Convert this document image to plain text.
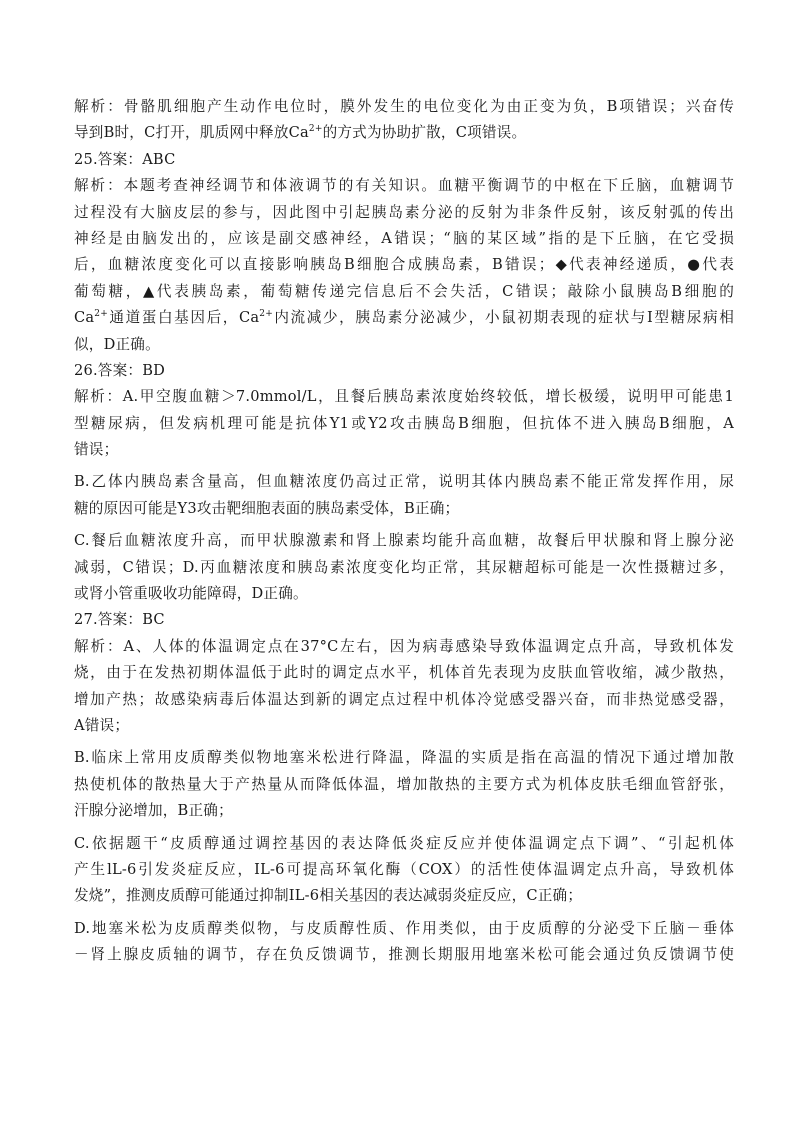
解析：骨骼肌细胞产生动作电位时，膜外发生的电位变化为由正变为负，B项错误；兴奋传
导到B时，C打开，肌质网中释放$Ca^{2+}$的方式为协助扩散，C项错误。
25.答案：ABC
解析：本题考查神经调节和体液调节的有关知识。血糖平衡调节的中枢在下丘脑，血糖调节
过程没有大脑皮层的参与，因此图中引起胰岛素分泌的反射为非条件反射，该反射弧的传出
神经是由脑发出的，应该是副交感神经，A错误；“脑的某区域”指的是下丘脑，在它受损
后，血糖浓度变化可以直接影响胰岛B细胞合成胰岛素，B错误；◆代表神经递质，●代表
葡萄糖，▲代表胰岛素，葡萄糖传递完信息后不会失活，C错误；敲除小鼠胰岛B细胞的
$Ca^{2+}$通道蛋白基因后，$Ca^{2+}$内流减少，胰岛素分泌减少，小鼠初期表现的症状与Ⅰ型糖尿病相
似，D正确。
26.答案：BD
解析：A.甲空腹血糖＞7.0mmol/L，且餐后胰岛素浓度始终较低，增长极缓，说明甲可能患1
型糖尿病，但发病机理可能是抗体Y1或Y2攻击胰岛B细胞，但抗体不进入胰岛B细胞，A
错误；
B.乙体内胰岛素含量高，但血糖浓度仍高过正常，说明其体内胰岛素不能正常发挥作用，尿
糖的原因可能是Y3攻击靶细胞表面的胰岛素受体，B正确；
C.餐后血糖浓度升高，而甲状腺激素和肾上腺素均能升高血糖，故餐后甲状腺和肾上腺分泌
减弱，C错误；D.丙血糖浓度和胰岛素浓度变化均正常，其尿糖超标可能是一次性摄糖过多，
或肾小管重吸收功能障碍，D正确。
27.答案：BC
解析：A、人体的体温调定点在37°C左右，因为病毒感染导致体温调定点升高，导致机体发
烧，由于在发热初期体温低于此时的调定点水平，机体首先表现为皮肤血管收缩，减少散热，
增加产热；故感染病毒后体温达到新的调定点过程中机体冷觉感受器兴奋，而非热觉感受器，
A错误；
B.临床上常用皮质醇类似物地塞米松进行降温，降温的实质是指在高温的情况下通过增加散
热使机体的散热量大于产热量从而降低体温，增加散热的主要方式为机体皮肤毛细血管舒张，
汗腺分泌增加，B正确；
C.依据题干“皮质醇通过调控基因的表达降低炎症反应并使体温调定点下调”、“引起机体
产生lL-6引发炎症反应，IL-6可提高环氧化酶（COX）的活性使体温调定点升高，导致机体
发烧”，推测皮质醇可能通过抑制IL-6相关基因的表达减弱炎症反应，C正确；
D.地塞米松为皮质醇类似物，与皮质醇性质、作用类似，由于皮质醇的分泌受下丘脑－垂体
－肾上腺皮质轴的调节，存在负反馈调节，推测长期服用地塞米松可能会通过负反馈调节使
